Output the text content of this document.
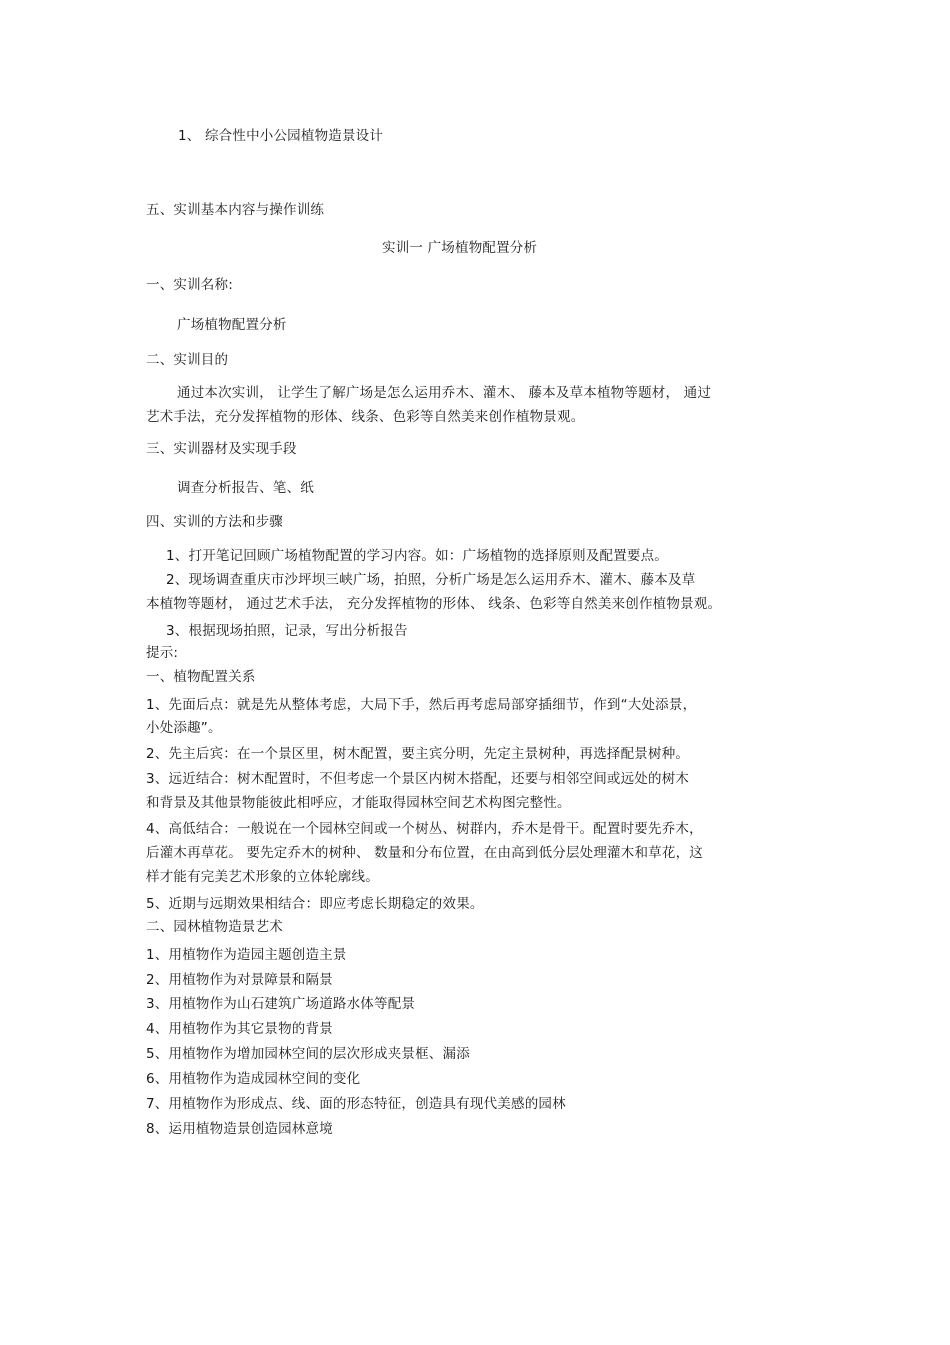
1、 综合性中小公园植物造景设计
五、实训基本内容与操作训练
实训一 广场植物配置分析
一、实训名称:
广场植物配置分析
二、实训目的
通过本次实训， 让学生了解广场是怎么运用乔木、灌木、 藤本及草本植物等题材， 通过
艺术手法，充分发挥植物的形体、线条、色彩等自然美来创作植物景观。
三、实训器材及实现手段
调查分析报告、笔、纸
四、实训的方法和步骤
1、打开笔记回顾广场植物配置的学习内容。如：广场植物的选择原则及配置要点。
2、现场调查重庆市沙坪坝三峡广场，拍照，分析广场是怎么运用乔木、灌木、藤本及草
本植物等题材， 通过艺术手法， 充分发挥植物的形体、 线条、色彩等自然美来创作植物景观。
3、根据现场拍照，记录，写出分析报告
提示:
一、植物配置关系
1、先面后点：就是先从整体考虑，大局下手，然后再考虑局部穿插细节，作到“大处添景，
小处添趣”。
2、先主后宾：在一个景区里，树木配置，要主宾分明，先定主景树种，再选择配景树种。
3、远近结合：树木配置时，不但考虑一个景区内树木搭配，还要与相邻空间或远处的树木
和背景及其他景物能彼此相呼应，才能取得园林空间艺术构图完整性。
4、高低结合：一般说在一个园林空间或一个树丛、树群内，乔木是骨干。配置时要先乔木，
后灌木再草花。 要先定乔木的树种、 数量和分布位置，在由高到低分层处理灌木和草花，这
样才能有完美艺术形象的立体轮廓线。
5、近期与远期效果相结合：即应考虑长期稳定的效果。
二、园林植物造景艺术
1、用植物作为造园主题创造主景
2、用植物作为对景障景和隔景
3、用植物作为山石建筑广场道路水体等配景
4、用植物作为其它景物的背景
5、用植物作为增加园林空间的层次形成夹景框、漏添
6、用植物作为造成园林空间的变化
7、用植物作为形成点、线、面的形态特征，创造具有现代美感的园林
8、运用植物造景创造园林意境
